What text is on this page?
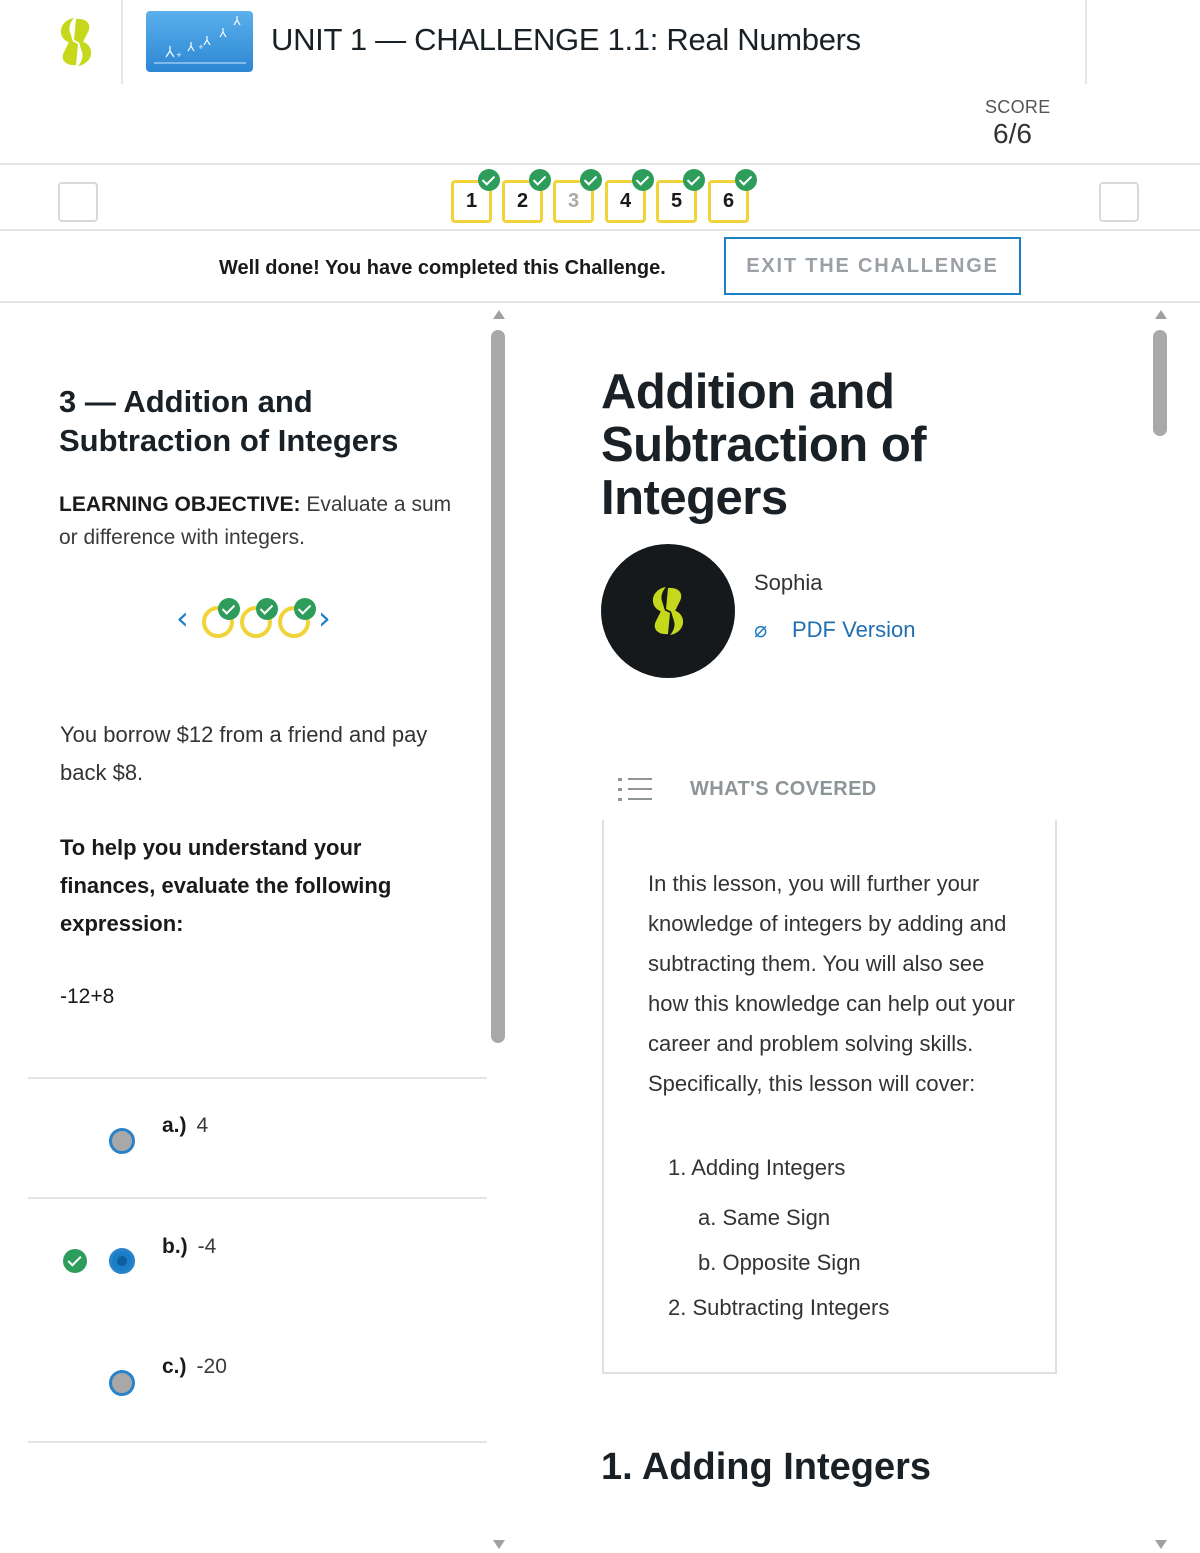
+
+ UNIT 1 — CHALLENGE 1.1: Real Numbers
SCORE
6/6
1	2	3	4	5	6
Well done! You have completed this Challenge.	EXIT THE CHALLENGE
3 — Addition and Subtraction of Integers
LEARNING OBJECTIVE: Evaluate a sum or difference with integers.
‹	›
You borrow $12 from a friend and pay back $8.
To help you understand your finances, evaluate the following expression:
-12+8
a.) 4
b.) -4
c.) -20
Addition and Subtraction of Integers
Sophia
⌀ PDF Version
WHAT'S COVERED
In this lesson, you will further your knowledge of integers by adding and subtracting them. You will also see how this knowledge can help out your career and problem solving skills. Specifically, this lesson will cover:
1. Adding Integers
a. Same Sign
b. Opposite Sign
2. Subtracting Integers
1. Adding Integers
